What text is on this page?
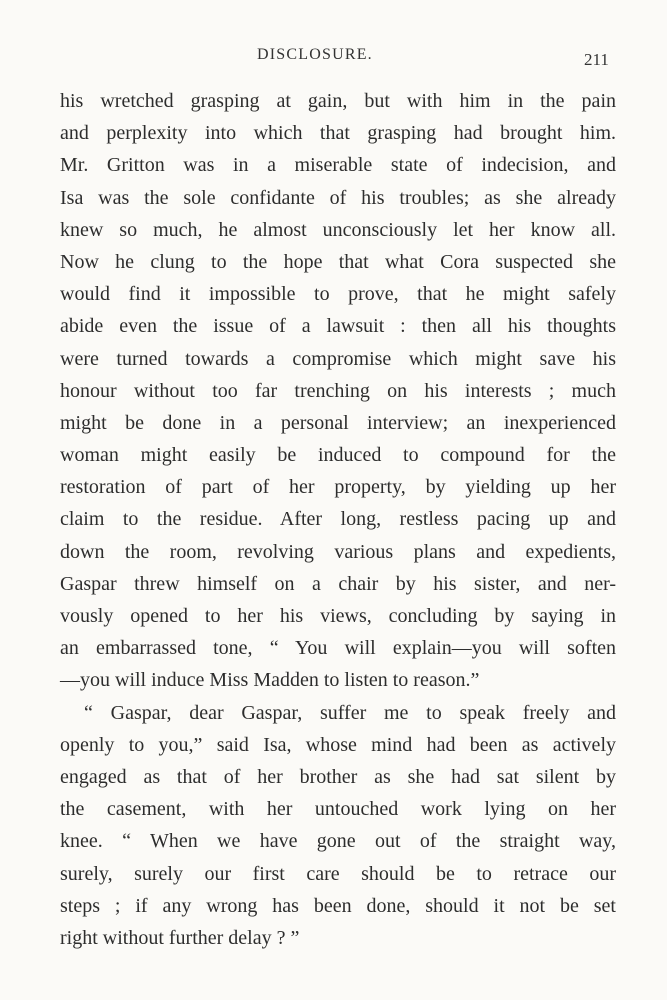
DISCLOSURE.	211
his wretched grasping at gain, but with him in the pain
and perplexity into which that grasping had brought him.
Mr. Gritton was in a miserable state of indecision, and
Isa was the sole confidante of his troubles; as she already
knew so much, he almost unconsciously let her know all.
Now he clung to the hope that what Cora suspected she
would find it impossible to prove, that he might safely
abide even the issue of a lawsuit : then all his thoughts
were turned towards a compromise which might save his
honour without too far trenching on his interests ; much
might be done in a personal interview; an inexperienced
woman might easily be induced to compound for the
restoration of part of her property, by yielding up her
claim to the residue. After long, restless pacing up and
down the room, revolving various plans and expedients,
Gaspar threw himself on a chair by his sister, and ner-
vously opened to her his views, concluding by saying in
an embarrassed tone, “ You will explain—you will soften
—you will induce Miss Madden to listen to reason.”
“ Gaspar, dear Gaspar, suffer me to speak freely and
openly to you,” said Isa, whose mind had been as actively
engaged as that of her brother as she had sat silent by
the casement, with her untouched work lying on her
knee. “ When we have gone out of the straight way,
surely, surely our first care should be to retrace our
steps ; if any wrong has been done, should it not be set
right without further delay ? ”
